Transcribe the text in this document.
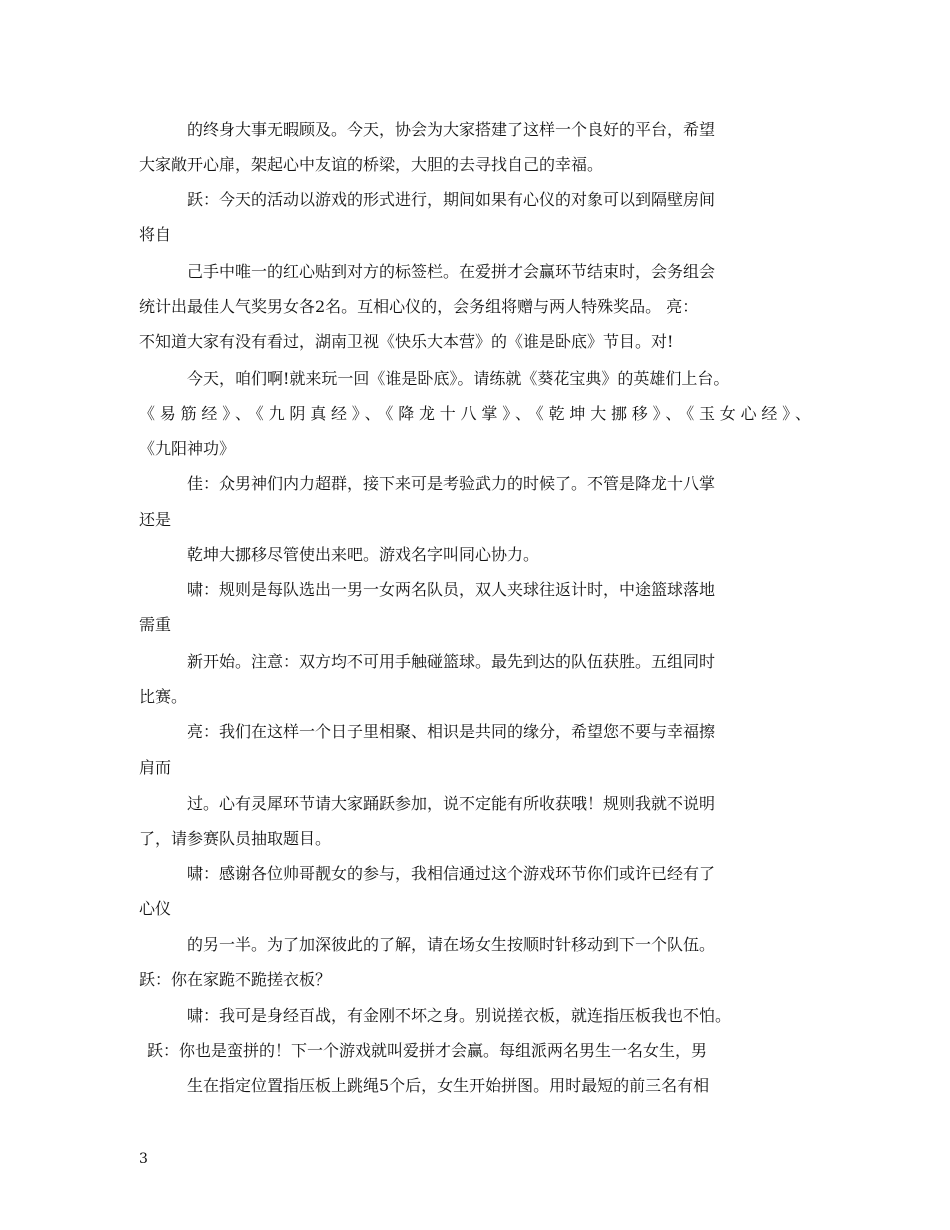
的终身大事无暇顾及。今天，协会为大家搭建了这样一个良好的平台，希望
大家敞开心扉，架起心中友谊的桥梁，大胆的去寻找自己的幸福。
跃：今天的活动以游戏的形式进行，期间如果有心仪的对象可以到隔壁房间
将自
己手中唯一的红心贴到对方的标签栏。在爱拼才会赢环节结束时，会务组会
统计出最佳人气奖男女各2名。互相心仪的，会务组将赠与两人特殊奖品。 亮：
不知道大家有没有看过，湖南卫视《快乐大本营》的《谁是卧底》节目。对!
今天，咱们啊!就来玩一回《谁是卧底》。请练就《葵花宝典》的英雄们上台。
《易筋经》、《九阴真经》、《降龙十八掌》、《乾坤大挪移》、《玉女心经》、
《九阳神功》
佳：众男神们内力超群，接下来可是考验武力的时候了。不管是降龙十八掌
还是
乾坤大挪移尽管使出来吧。游戏名字叫同心协力。
啸：规则是每队选出一男一女两名队员，双人夹球往返计时，中途篮球落地
需重
新开始。注意：双方均不可用手触碰篮球。最先到达的队伍获胜。五组同时
比赛。
亮：我们在这样一个日子里相聚、相识是共同的缘分，希望您不要与幸福擦
肩而
过。心有灵犀环节请大家踊跃参加，说不定能有所收获哦！规则我就不说明
了，请参赛队员抽取题目。
啸：感谢各位帅哥靓女的参与，我相信通过这个游戏环节你们或许已经有了
心仪
的另一半。为了加深彼此的了解，请在场女生按顺时针移动到下一个队伍。
跃：你在家跪不跪搓衣板？
啸：我可是身经百战，有金刚不坏之身。别说搓衣板，就连指压板我也不怕。
跃：你也是蛮拼的！下一个游戏就叫爱拼才会赢。每组派两名男生一名女生，男
生在指定位置指压板上跳绳5个后，女生开始拼图。用时最短的前三名有相
3
